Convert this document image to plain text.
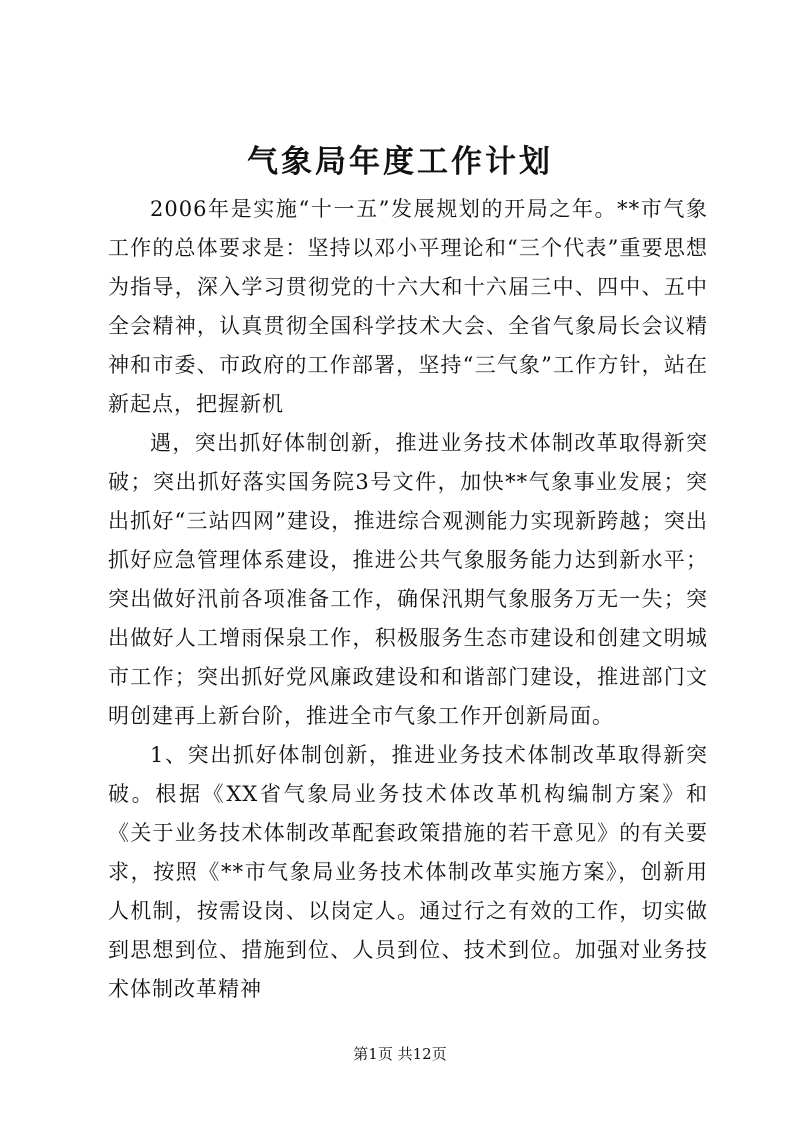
气象局年度工作计划

2006年是实施“十一五”发展规划的开局之年。**市气象工作的总体要求是：坚持以邓小平理论和“三个代表”重要思想为指导，深入学习贯彻党的十六大和十六届三中、四中、五中全会精神，认真贯彻全国科学技术大会、全省气象局长会议精神和市委、市政府的工作部署，坚持“三气象”工作方针，站在新起点，把握新机

遇，突出抓好体制创新，推进业务技术体制改革取得新突破；突出抓好落实国务院3号文件，加快**气象事业发展；突出抓好“三站四网”建设，推进综合观测能力实现新跨越；突出抓好应急管理体系建设，推进公共气象服务能力达到新水平；突出做好汛前各项准备工作，确保汛期气象服务万无一失；突出做好人工增雨保泉工作，积极服务生态市建设和创建文明城市工作；突出抓好党风廉政建设和和谐部门建设，推进部门文明创建再上新台阶，推进全市气象工作开创新局面。

1、突出抓好体制创新，推进业务技术体制改革取得新突破。根据《XX省气象局业务技术体改革机构编制方案》和《关于业务技术体制改革配套政策措施的若干意见》的有关要求，按照《**市气象局业务技术体制改革实施方案》，创新用人机制，按需设岗、以岗定人。通过行之有效的工作，切实做到思想到位、措施到位、人员到位、技术到位。加强对业务技术体制改革精神

第1页 共12页
